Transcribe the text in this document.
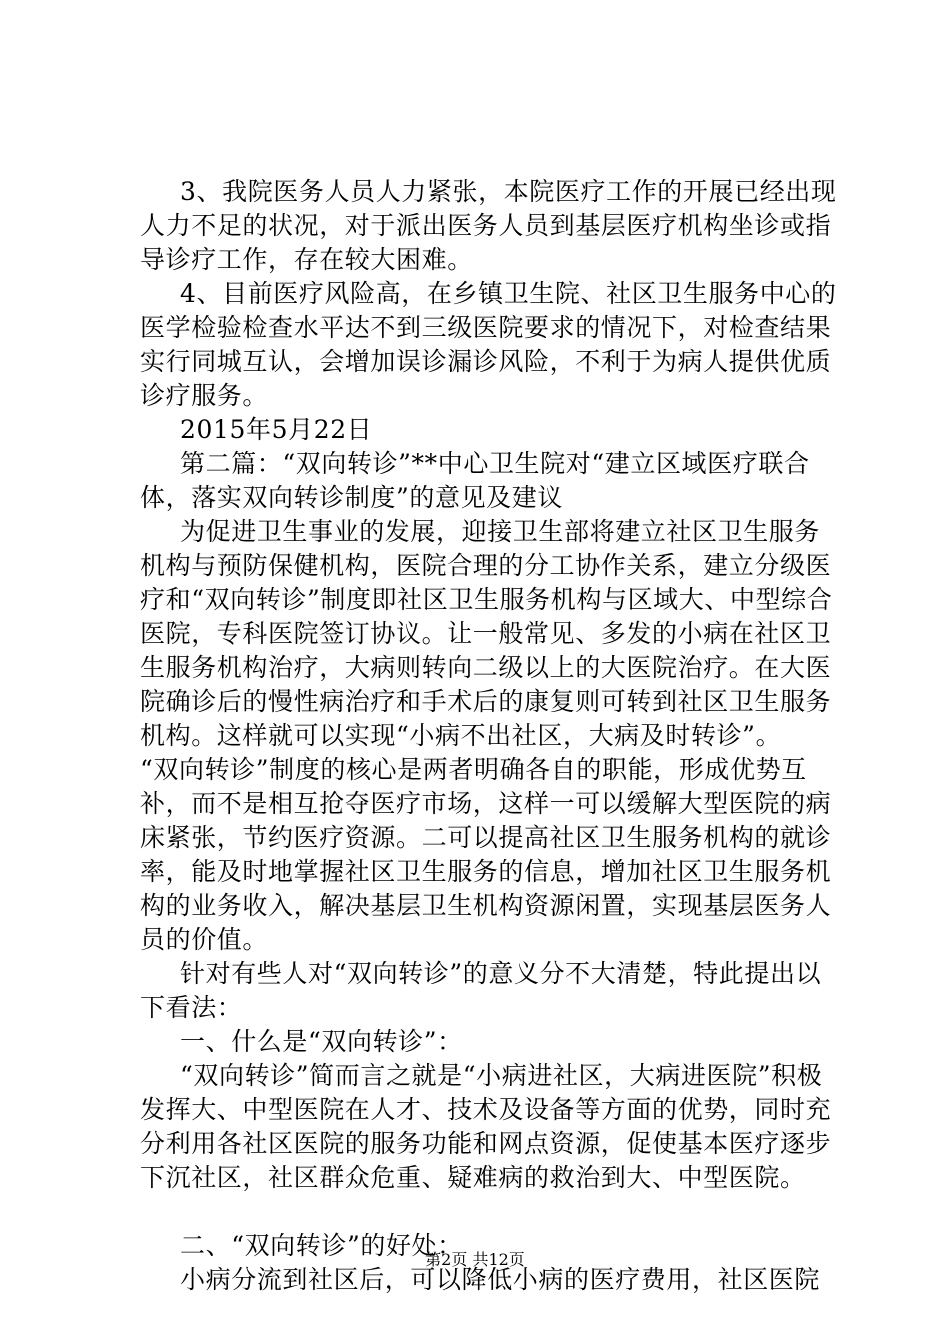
3、我院医务人员人力紧张，本院医疗工作的开展已经出现人力不足的状况，对于派出医务人员到基层医疗机构坐诊或指导诊疗工作，存在较大困难。

4、目前医疗风险高，在乡镇卫生院、社区卫生服务中心的医学检验检查水平达不到三级医院要求的情况下，对检查结果实行同城互认，会增加误诊漏诊风险，不利于为病人提供优质诊疗服务。

2015年5月22日

第二篇：“双向转诊”**中心卫生院对“建立区域医疗联合体，落实双向转诊制度”的意见及建议

为促进卫生事业的发展，迎接卫生部将建立社区卫生服务机构与预防保健机构，医院合理的分工协作关系，建立分级医疗和“双向转诊”制度即社区卫生服务机构与区域大、中型综合医院，专科医院签订协议。让一般常见、多发的小病在社区卫生服务机构治疗，大病则转向二级以上的大医院治疗。在大医院确诊后的慢性病治疗和手术后的康复则可转到社区卫生服务机构。这样就可以实现“小病不出社区，大病及时转诊”。

“双向转诊”制度的核心是两者明确各自的职能，形成优势互补，而不是相互抢夺医疗市场，这样一可以缓解大型医院的病床紧张，节约医疗资源。二可以提高社区卫生服务机构的就诊率，能及时地掌握社区卫生服务的信息，增加社区卫生服务机构的业务收入，解决基层卫生机构资源闲置，实现基层医务人员的价值。

针对有些人对“双向转诊”的意义分不大清楚，特此提出以下看法：

一、什么是“双向转诊”：

“双向转诊”简而言之就是“小病进社区，大病进医院”积极发挥大、中型医院在人才、技术及设备等方面的优势，同时充分利用各社区医院的服务功能和网点资源，促使基本医疗逐步下沉社区，社区群众危重、疑难病的救治到大、中型医院。

二、“双向转诊”的好处：

小病分流到社区后，可以降低小病的医疗费用，社区医院

第2页 共12页
